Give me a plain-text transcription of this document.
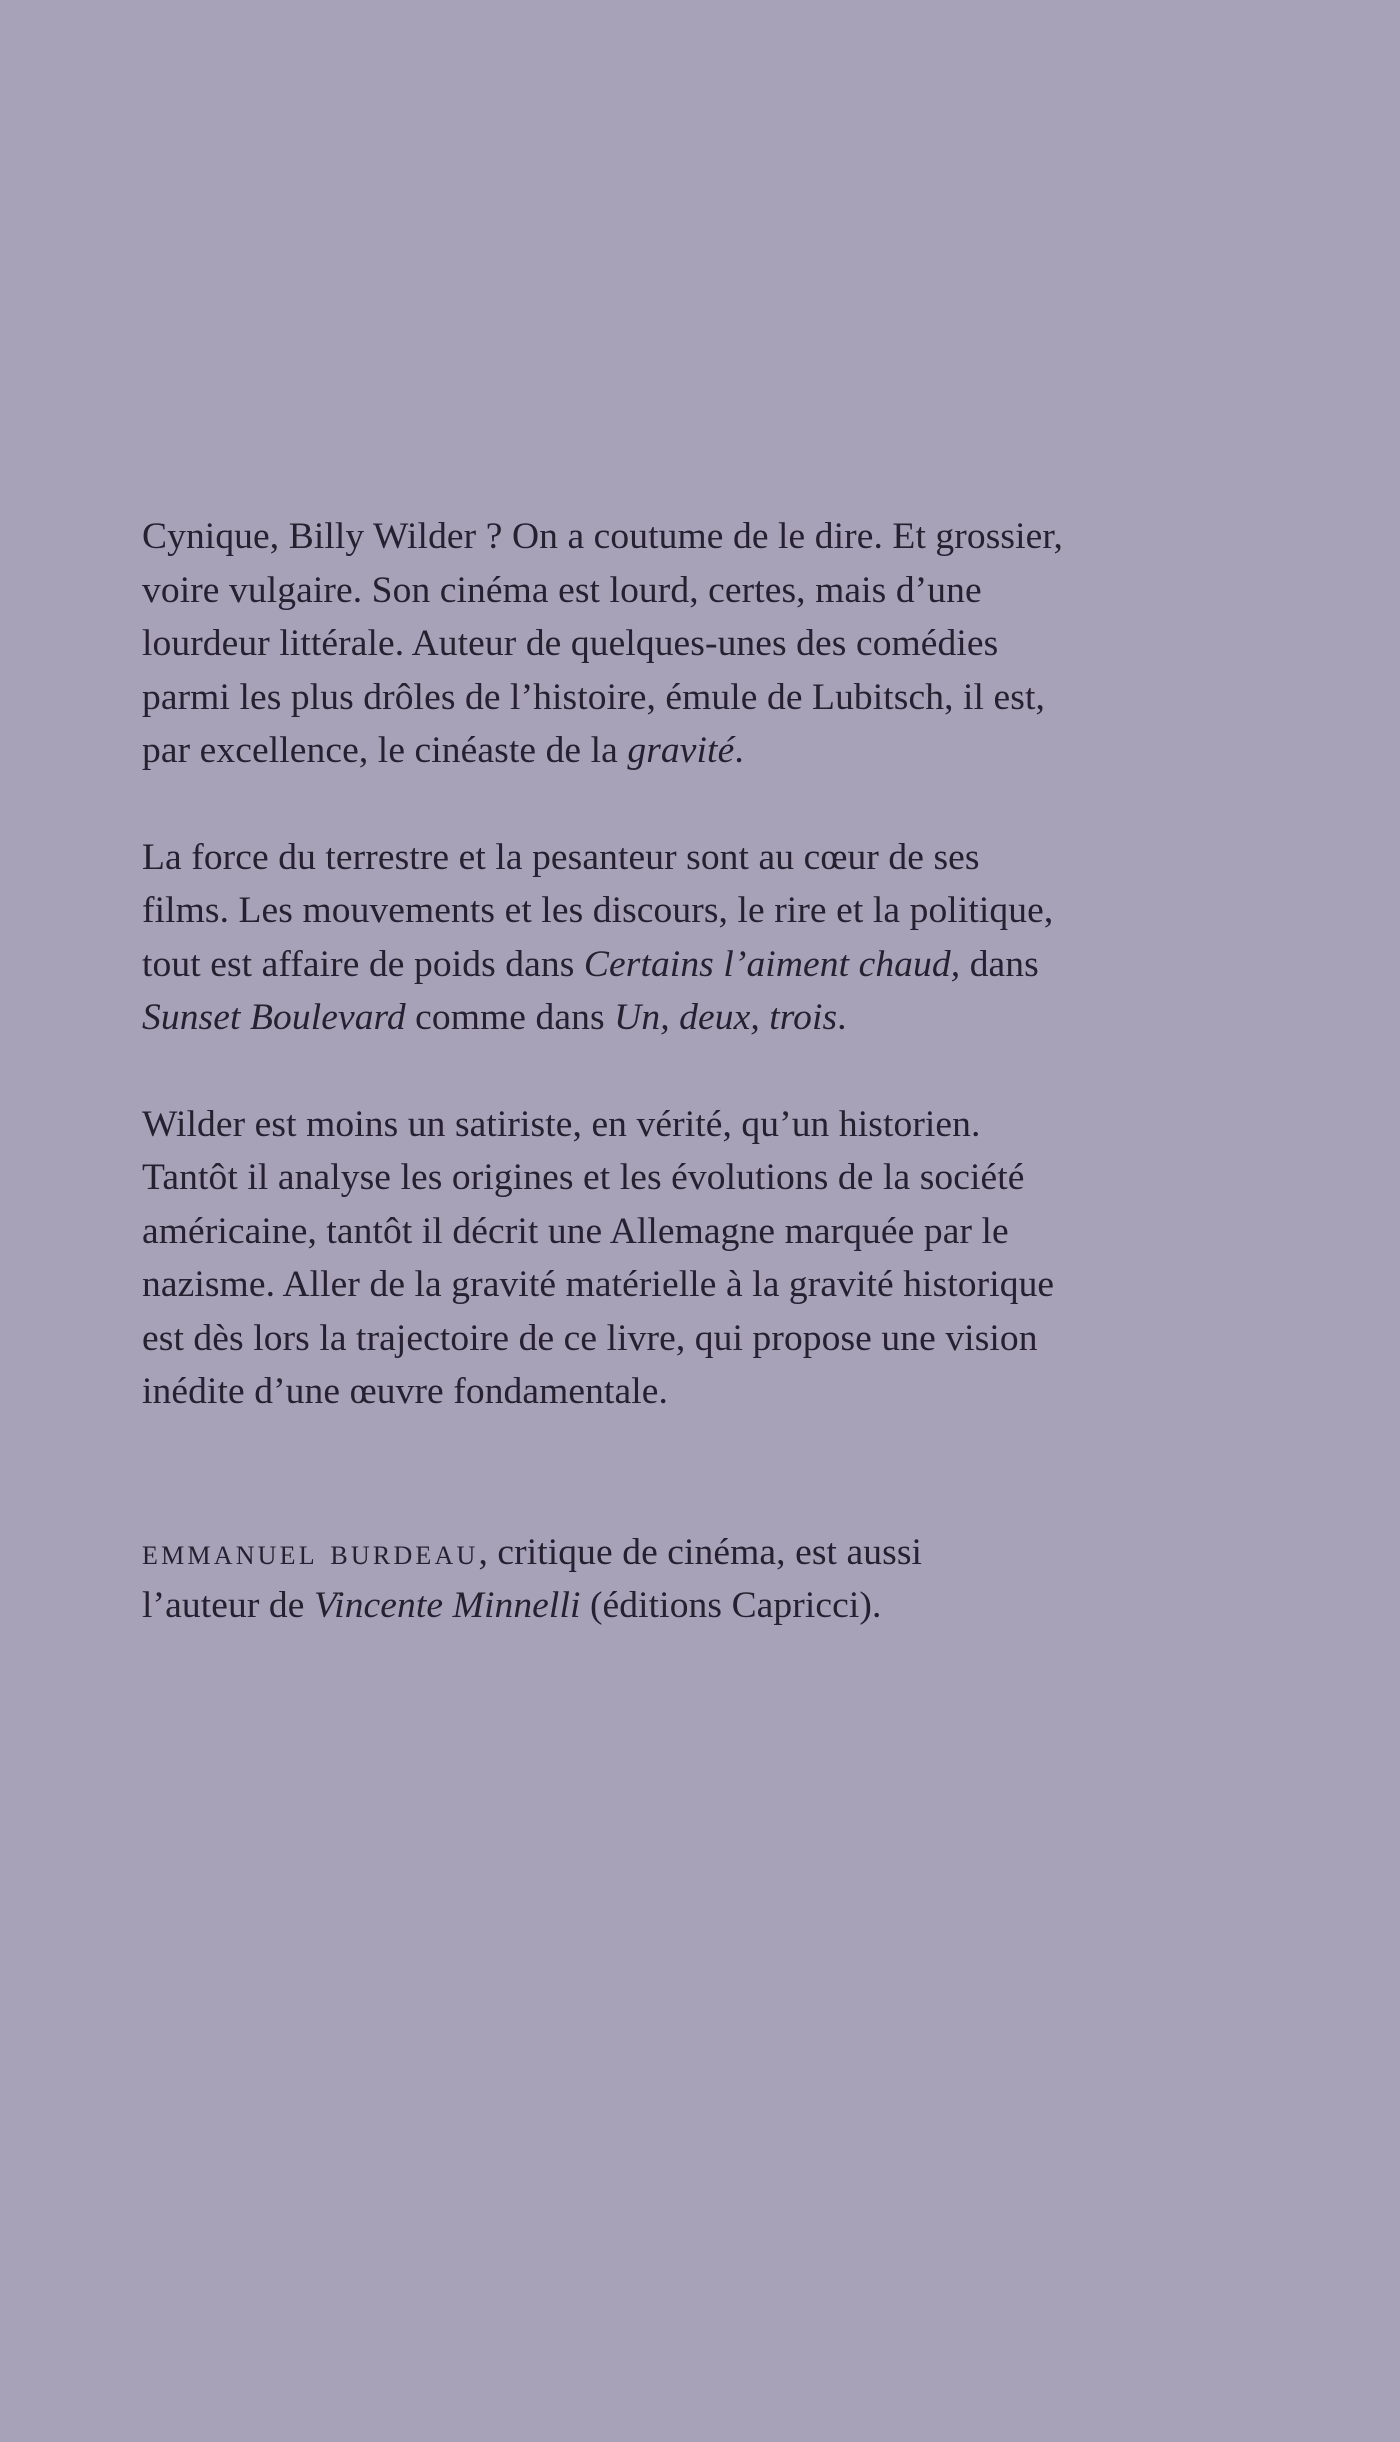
Cynique, Billy Wilder ? On a coutume de le dire. Et grossier,
voire vulgaire. Son cinéma est lourd, certes, mais d’une
lourdeur littérale. Auteur de quelques-unes des comédies
parmi les plus drôles de l’histoire, émule de Lubitsch, il est,
par excellence, le cinéaste de la gravité.

La force du terrestre et la pesanteur sont au cœur de ses
films. Les mouvements et les discours, le rire et la politique,
tout est affaire de poids dans Certains l’aiment chaud, dans
Sunset Boulevard comme dans Un, deux, trois.

Wilder est moins un satiriste, en vérité, qu’un historien.
Tantôt il analyse les origines et les évolutions de la société
américaine, tantôt il décrit une Allemagne marquée par le
nazisme. Aller de la gravité matérielle à la gravité historique
est dès lors la trajectoire de ce livre, qui propose une vision
inédite d’une œuvre fondamentale.

emmanuel burdeau, critique de cinéma, est aussi
l’auteur de Vincente Minnelli (éditions Capricci).
